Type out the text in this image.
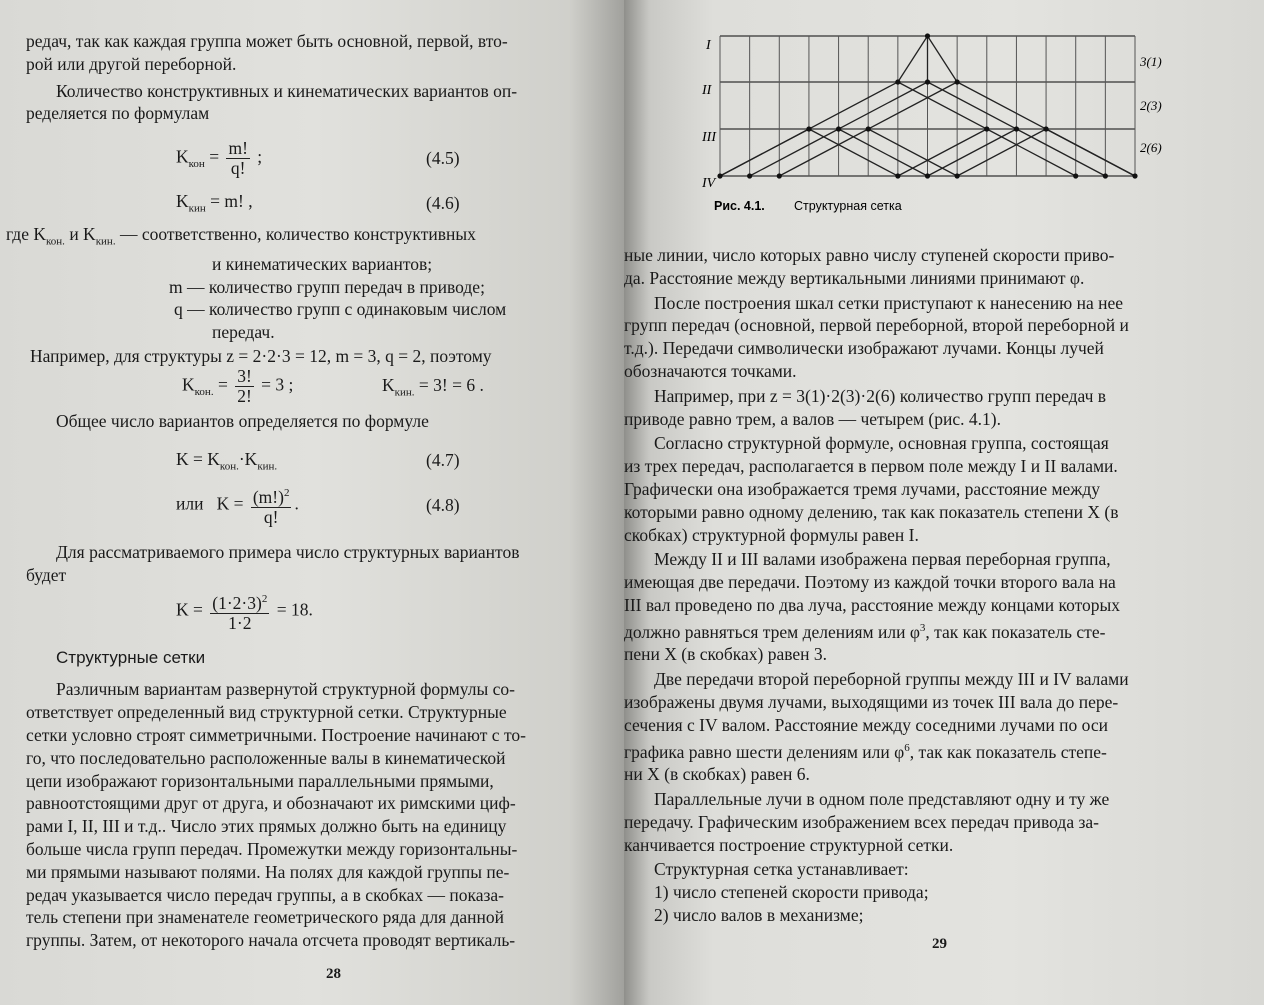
редач, так как каждая группа может быть основной, первой, вто-
рой или другой переборной.
Количество конструктивных и кинематических вариантов оп-
ределяется по формулам
$K_{кон} = \frac{m!}{q!}$ ;	(4.5)
$K_{кин} = m$! ,	(4.6)
где $K_{кон.}$ и $K_{кин.}$ — соответственно, количество конструктивных
и кинематических вариантов;
m — количество групп передач в приводе;
q — количество групп с одинаковым числом
передач.
Например, для структуры z = 2·2·3 = 12, m = 3, q = 2, поэтому
$K_{кон.} = \frac{3!}{2!} = 3$ ;	$K_{кин.} = 3$! = 6 .
Общее число вариантов определяется по формуле
$K = K_{кон.}\cdot K_{кин.}$	(4.7)
или $K = \frac{(m!)^2}{q!}$ .	(4.8)
Для рассматриваемого примера число структурных вариантов
будет
$K = \frac{(1\cdot 2\cdot 3)^2}{1\cdot 2} = 18$.
Структурные сетки
Различным вариантам развернутой структурной формулы со-
ответствует определенный вид структурной сетки. Структурные
сетки условно строят симметричными. Построение начинают с то-
го, что последовательно расположенные валы в кинематической
цепи изображают горизонтальными параллельными прямыми,
равноотстоящими друг от друга, и обозначают их римскими циф-
рами I, II, III и т.д.. Число этих прямых должно быть на единицу
больше числа групп передач. Промежутки между горизонтальны-
ми прямыми называют полями. На полях для каждой группы пе-
редач указывается число передач группы, а в скобках — показа-
тель степени при знаменателе геометрического ряда для данной
группы. Затем, от некоторого начала отсчета проводят вертикаль-
28
I
II
III
IV
3(1)
2(3)
2(6)
Рис. 4.1. Структурная сетка
ные линии, число которых равно числу ступеней скорости приво-
да. Расстояние между вертикальными линиями принимают φ.
После построения шкал сетки приступают к нанесению на нее
групп передач (основной, первой переборной, второй переборной и
т.д.). Передачи символически изображают лучами. Концы лучей
обозначаются точками.
Например, при z = 3(1)·2(3)·2(6) количество групп передач в
приводе равно трем, а валов — четырем (рис. 4.1).
Согласно структурной формуле, основная группа, состоящая
из трех передач, располагается в первом поле между I и II валами.
Графически она изображается тремя лучами, расстояние между
которыми равно одному делению, так как показатель степени X (в
скобках) структурной формулы равен I.
Между II и III валами изображена первая переборная группа,
имеющая две передачи. Поэтому из каждой точки второго вала на
III вал проведено по два луча, расстояние между концами которых
должно равняться трем делениям или $\varphi^3$, так как показатель сте-
пени X (в скобках) равен 3.
Две передачи второй переборной группы между III и IV валами
изображены двумя лучами, выходящими из точек III вала до пере-
сечения с IV валом. Расстояние между соседними лучами по оси
графика равно шести делениям или $\varphi^6$, так как показатель степе-
ни X (в скобках) равен 6.
Параллельные лучи в одном поле представляют одну и ту же
передачу. Графическим изображением всех передач привода за-
канчивается построение структурной сетки.
Структурная сетка устанавливает:
1) число степеней скорости привода;
2) число валов в механизме;
29
